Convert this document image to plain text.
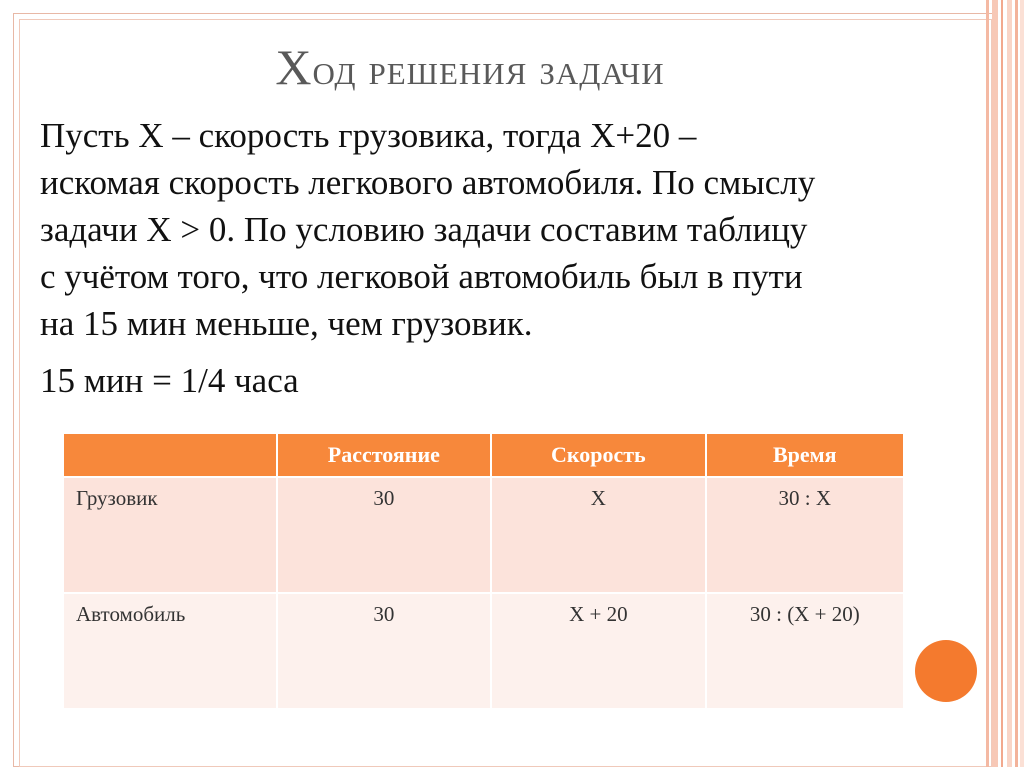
Ход решения задачи
Пусть Х – скорость грузовика, тогда Х+20 –
искомая скорость легкового автомобиля. По смыслу
задачи Х > 0. По условию задачи составим таблицу
с учётом того, что легковой автомобиль был в пути
на 15 мин меньше, чем грузовик.
15 мин = 1/4 часа
	Расстояние	Скорость	Время
Грузовик	30	Х	30 : Х
Автомобиль	30	Х + 20	30 : (Х + 20)
